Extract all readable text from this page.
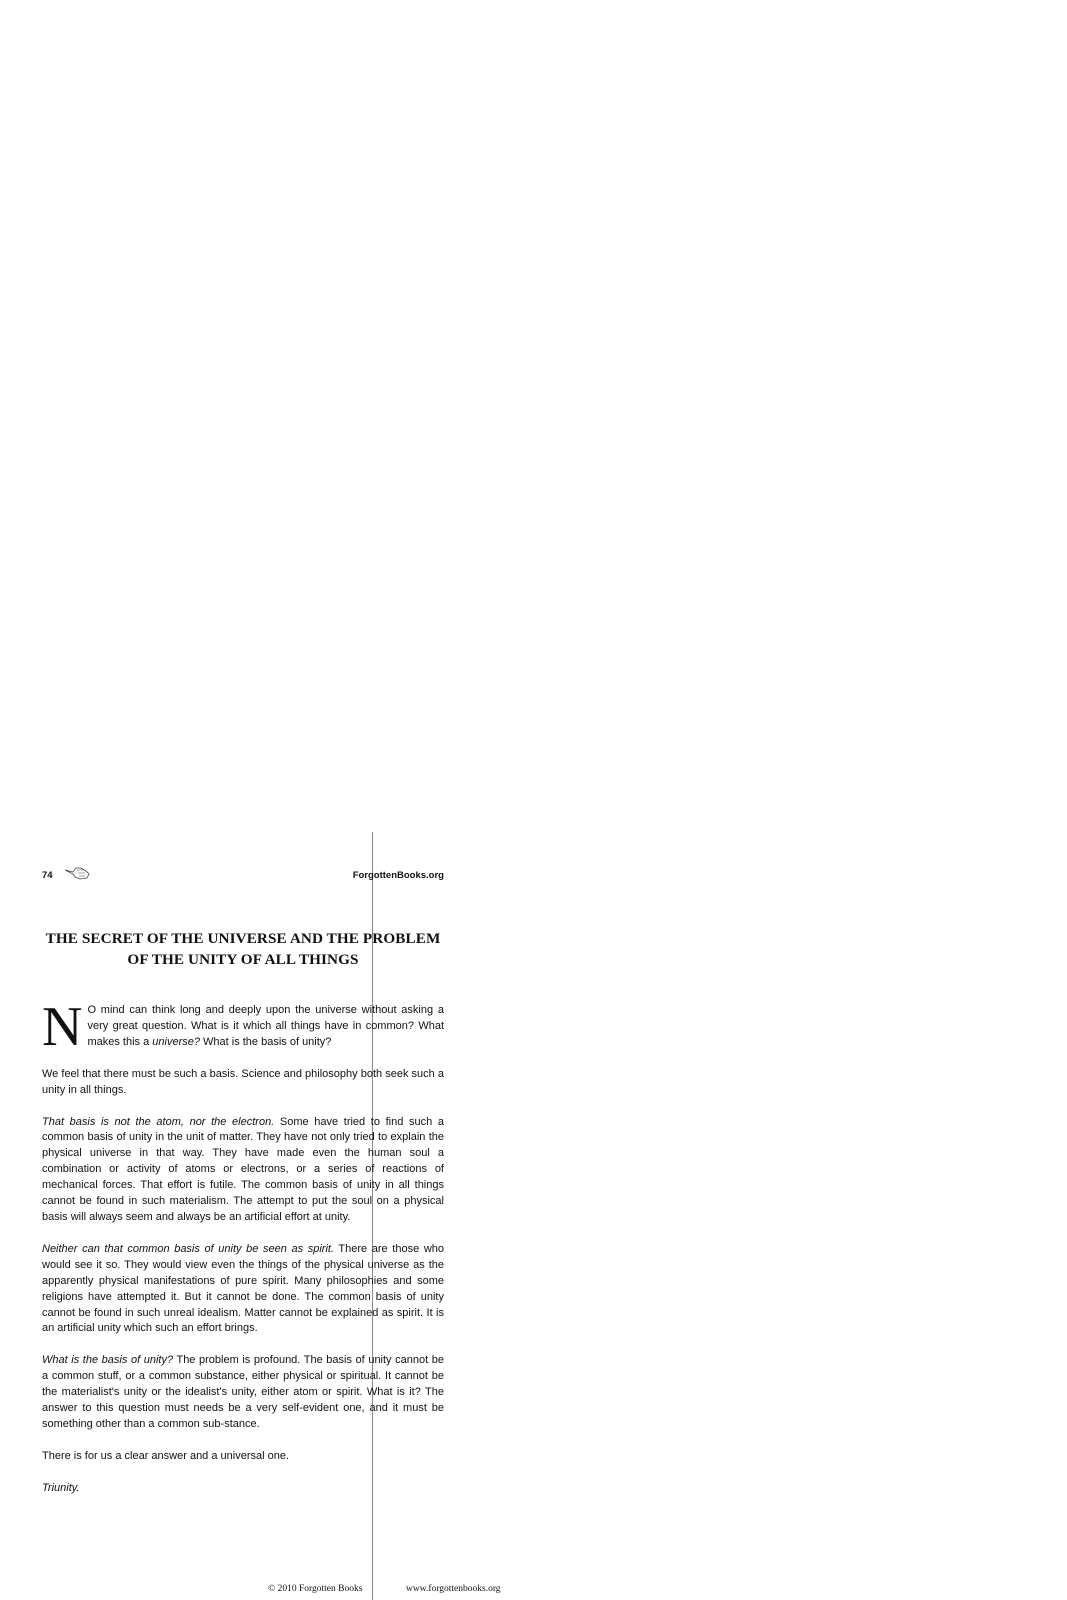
74	ForgottenBooks.org
THE SECRET OF THE UNIVERSE AND THE PROBLEM
OF THE UNITY OF ALL THINGS
N O mind can think long and deeply upon the universe without asking a very great question. What is it which all things have in common? What makes this a universe? What is the basis of unity?
We feel that there must be such a basis. Science and philosophy both seek such a unity in all things.
That basis is not the atom, nor the electron. Some have tried to find such a common basis of unity in the unit of matter. They have not only tried to explain the physical universe in that way. They have made even the human soul a combination or activity of atoms or electrons, or a series of reactions of mechanical forces. That effort is futile. The common basis of unity in all things cannot be found in such materialism. The attempt to put the soul on a physical basis will always seem and always be an artificial effort at unity.
Neither can that common basis of unity be seen as spirit. There are those who would see it so. They would view even the things of the physical universe as the apparently physical manifestations of pure spirit. Many philosophies and some religions have attempted it. But it cannot be done. The common basis of unity cannot be found in such unreal idealism. Matter cannot be explained as spirit. It is an artificial unity which such an effort brings.
What is the basis of unity? The problem is profound. The basis of unity cannot be a common stuff, or a common substance, either physical or spiritual. It cannot be the materialist's unity or the idealist's unity, either atom or spirit. What is it? The answer to this question must needs be a very self-evident one, and it must be something other than a common sub-stance.
There is for us a clear answer and a universal one.
Triunity.
© 2010 Forgotten Books	www.forgottenbooks.org
